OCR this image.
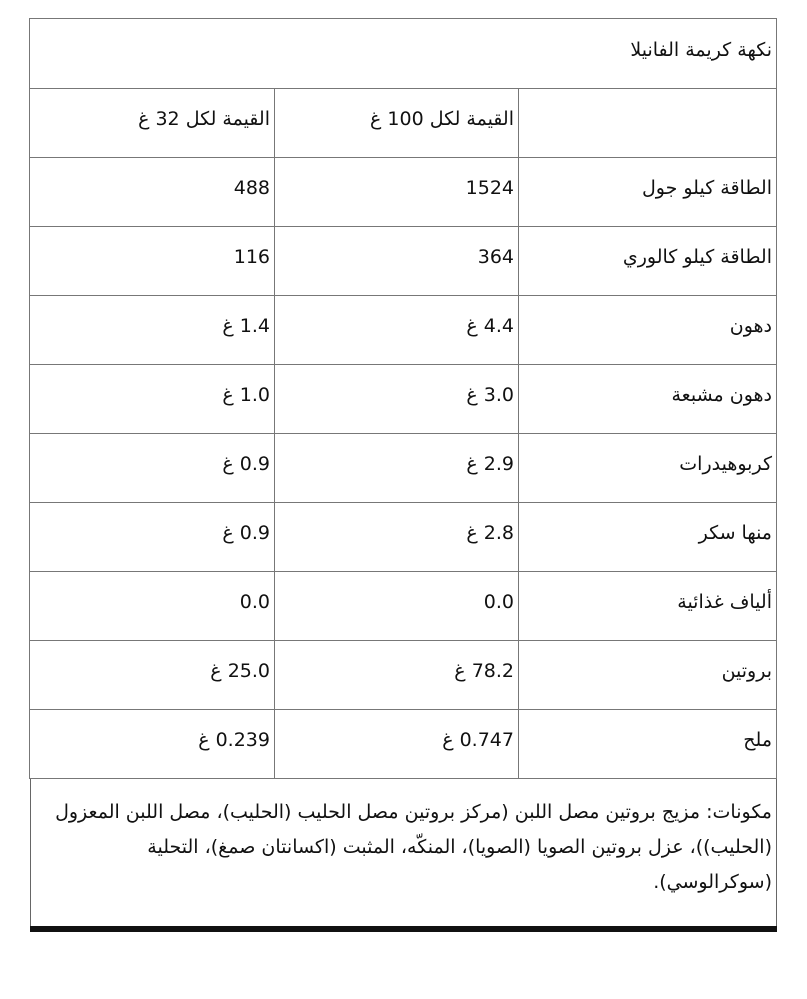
نكهة كريمة الفانيلا		
	القيمة لكل 100 غ	القيمة لكل 32 غ
الطاقة كيلو جول	1524	488
الطاقة كيلو كالوري	364	116
دهون	4.4 غ	1.4 غ
دهون مشبعة	3.0 غ	1.0 غ
كربوهيدرات	2.9 غ	0.9 غ
منها سكر	2.8 غ	0.9 غ
ألياف غذائية	0.0	0.0
بروتين	78.2 غ	25.0 غ
ملح	0.747 غ	0.239 غ
مكونات: مزيج بروتين مصل اللبن (مركز بروتين مصل الحليب (الحليب)، مصل اللبن المعزول (الحليب))، عزل بروتين الصويا (الصويا)، المنكّه، المثبت (اكسانتان صمغ)، التحلية (سوكرالوسي).
